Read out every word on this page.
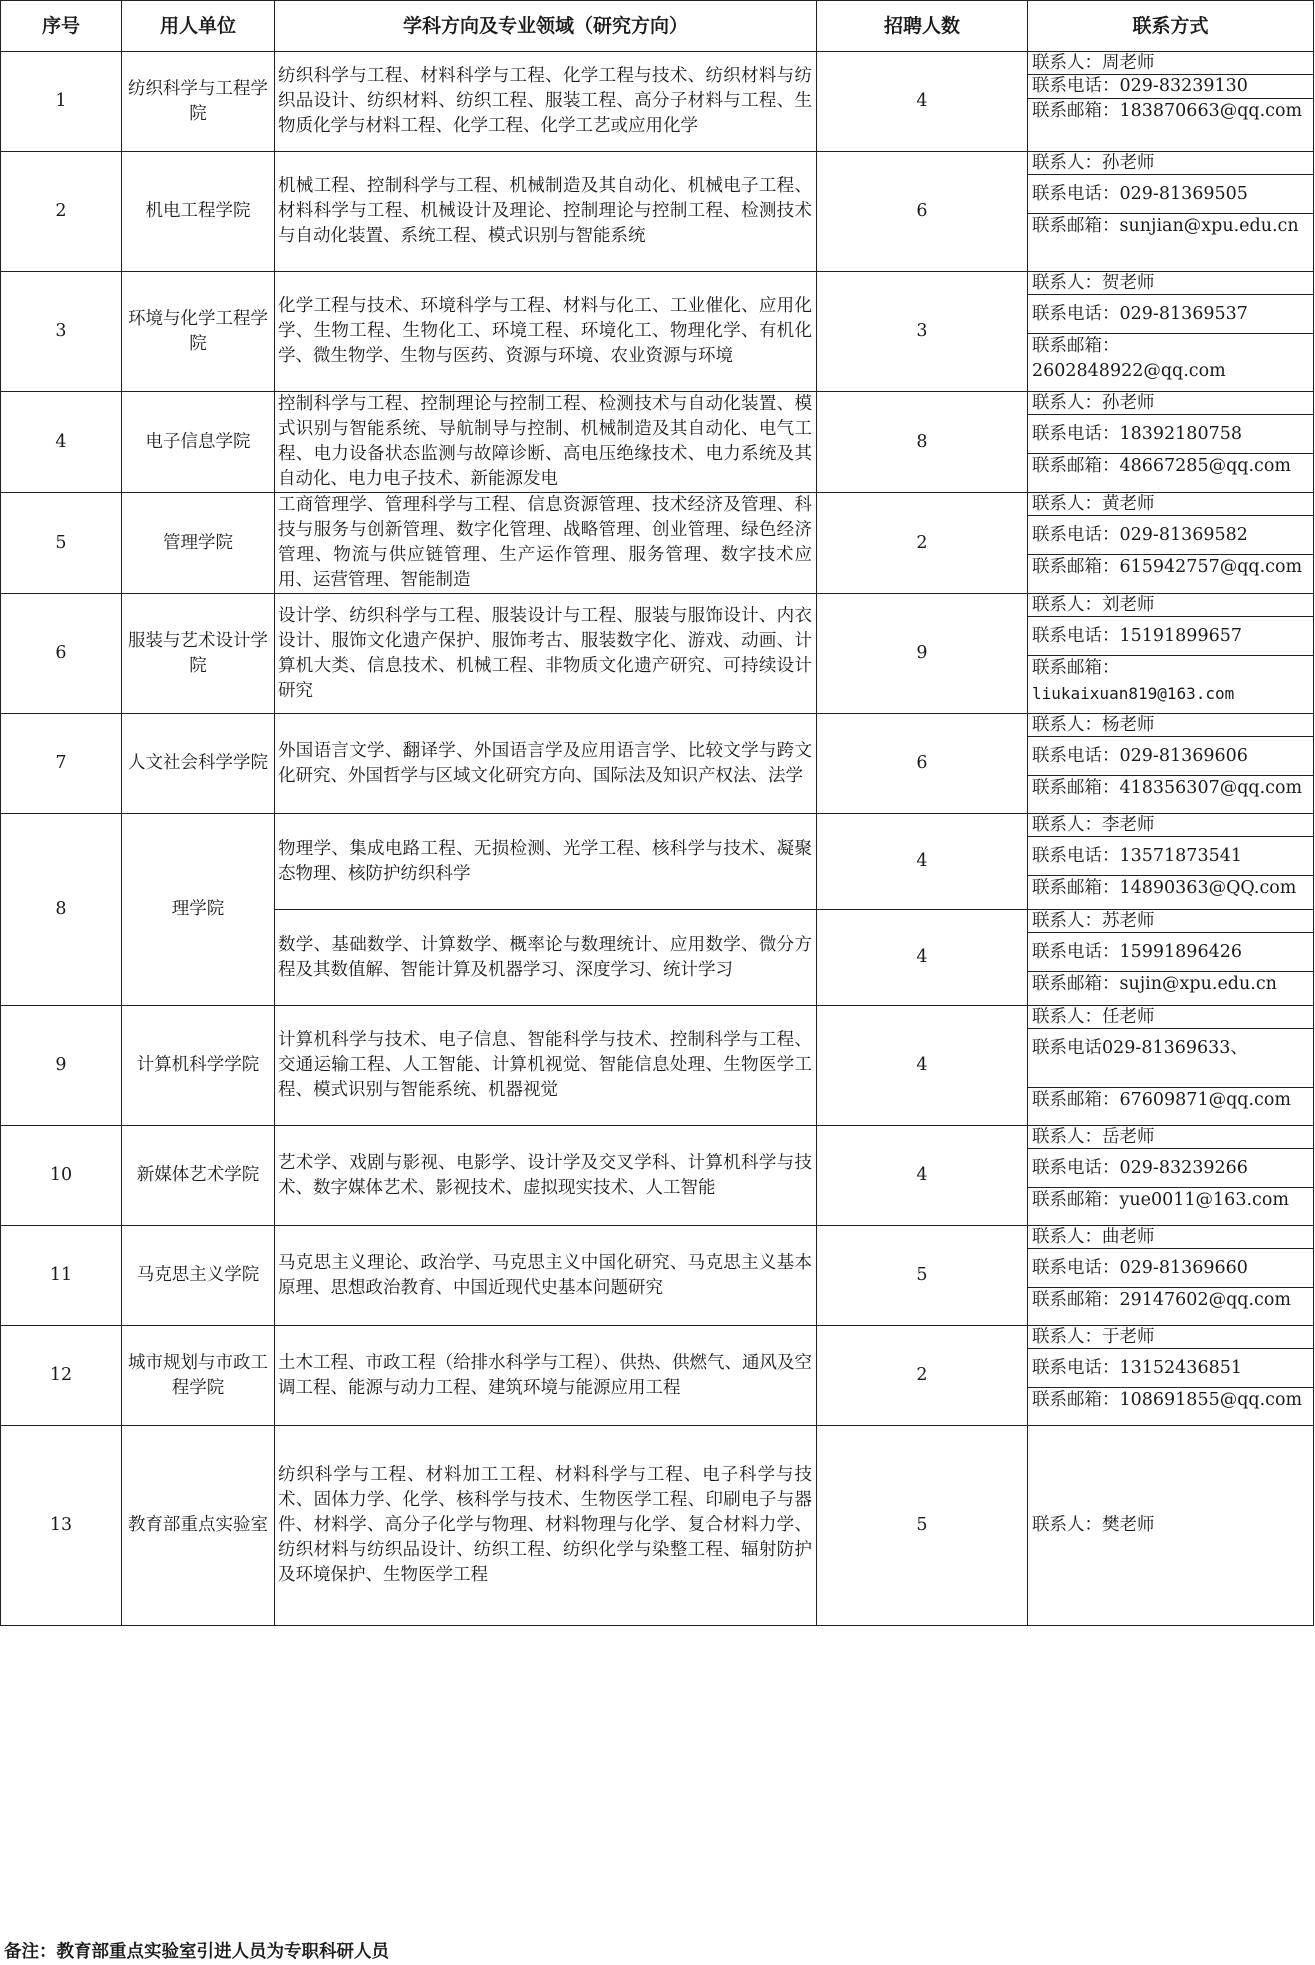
序号	用人单位	学科方向及专业领域（研究方向）	招聘人数	联系方式
1	纺织科学与工程学院	纺织科学与工程、材料科学与工程、化学工程与技术、纺织材料与纺织品设计、纺织材料、纺织工程、服装工程、高分子材料与工程、生物质化学与材料工程、化学工程、化学工艺或应用化学	4	联系人：周老师
联系电话：029-83239130
联系邮箱：183870663@qq.com

2	机电工程学院	机械工程、控制科学与工程、机械制造及其自动化、机械电子工程、材料科学与工程、机械设计及理论、控制理论与控制工程、检测技术与自动化装置、系统工程、模式识别与智能系统	6	联系人：孙老师
联系电话：029-81369505
联系邮箱：sunjian@xpu.edu.cn

3	环境与化学工程学院	化学工程与技术、环境科学与工程、材料与化工、工业催化、应用化学、生物工程、生物化工、环境工程、环境化工、物理化学、有机化学、微生物学、生物与医药、资源与环境、农业资源与环境	3	联系人：贺老师
联系电话：029-81369537
联系邮箱：2602848922@qq.com

4	电子信息学院	控制科学与工程、控制理论与控制工程、检测技术与自动化装置、模式识别与智能系统、导航制导与控制、机械制造及其自动化、电气工程、电力设备状态监测与故障诊断、高电压绝缘技术、电力系统及其自动化、电力电子技术、新能源发电	8	联系人：孙老师
联系电话：18392180758
联系邮箱：48667285@qq.com

5	管理学院	工商管理学、管理科学与工程、信息资源管理、技术经济及管理、科技与服务与创新管理、数字化管理、战略管理、创业管理、绿色经济管理、物流与供应链管理、生产运作管理、服务管理、数字技术应用、运营管理、智能制造	2	联系人：黄老师
联系电话：029-81369582
联系邮箱：615942757@qq.com

6	服装与艺术设计学院	设计学、纺织科学与工程、服装设计与工程、服装与服饰设计、内衣设计、服饰文化遗产保护、服饰考古、服装数字化、游戏、动画、计算机大类、信息技术、机械工程、非物质文化遗产研究、可持续设计研究	9	联系人：刘老师
联系电话：15191899657
联系邮箱：
liukaixuan819@163.com

7	人文社会科学学院	外国语言文学、翻译学、外国语言学及应用语言学、比较文学与跨文化研究、外国哲学与区域文化研究方向、国际法及知识产权法、法学	6	联系人：杨老师
联系电话：029-81369606
联系邮箱：418356307@qq.com

8	理学院	物理学、集成电路工程、无损检测、光学工程、核科学与技术、凝聚态物理、核防护纺织科学	4	联系人：李老师
联系电话：13571873541
联系邮箱：14890363@QQ.com

		数学、基础数学、计算数学、概率论与数理统计、应用数学、微分方程及其数值解、智能计算及机器学习、深度学习、统计学习	4	联系人：苏老师
联系电话：15991896426
联系邮箱：sujin@xpu.edu.cn

9	计算机科学学院	计算机科学与技术、电子信息、智能科学与技术、控制科学与工程、交通运输工程、人工智能、计算机视觉、智能信息处理、生物医学工程、模式识别与智能系统、机器视觉	4	联系人：任老师
联系电话029-81369633、
联系邮箱：67609871@qq.com

10	新媒体艺术学院	艺术学、戏剧与影视、电影学、设计学及交叉学科、计算机科学与技术、数字媒体艺术、影视技术、虚拟现实技术、人工智能	4	联系人：岳老师
联系电话：029-83239266
联系邮箱：yue0011@163.com

11	马克思主义学院	马克思主义理论、政治学、马克思主义中国化研究、马克思主义基本原理、思想政治教育、中国近现代史基本问题研究	5	联系人：曲老师
联系电话：029-81369660
联系邮箱：29147602@qq.com

12	城市规划与市政工程学院	土木工程、市政工程（给排水科学与工程）、供热、供燃气、通风及空调工程、能源与动力工程、建筑环境与能源应用工程	2	联系人：于老师
联系电话：13152436851
联系邮箱：108691855@qq.com

13	教育部重点实验室	纺织科学与工程、材料加工工程、材料科学与工程、电子科学与技术、固体力学、化学、核科学与技术、生物医学工程、印刷电子与器件、材料学、高分子化学与物理、材料物理与化学、复合材料力学、纺织材料与纺织品设计、纺织工程、纺织化学与染整工程、辐射防护及环境保护、生物医学工程	5	联系人：樊老师
备注：教育部重点实验室引进人员为专职科研人员
